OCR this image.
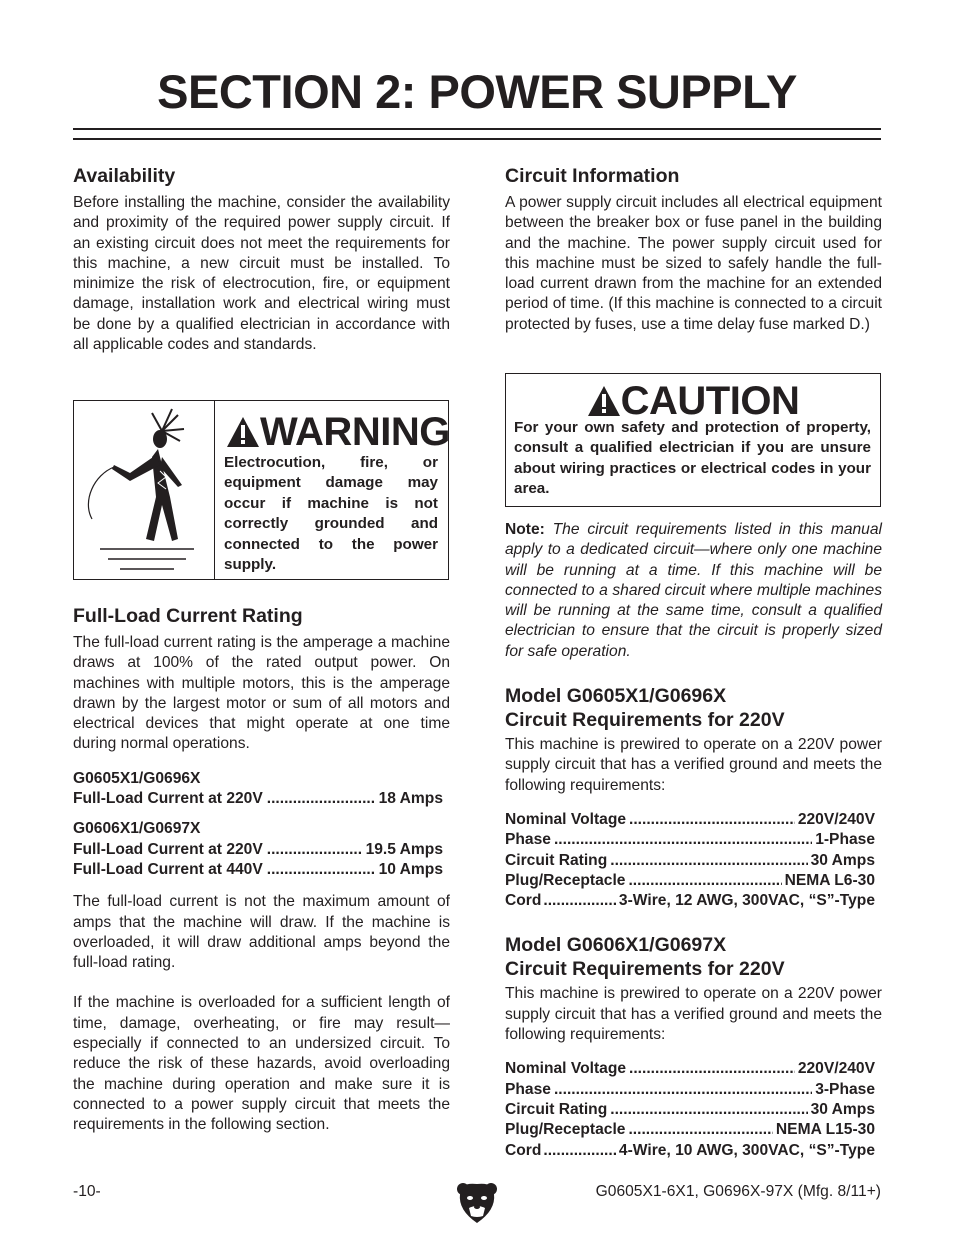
SECTION 2: POWER SUPPLY
Availability

Before installing the machine, consider the availability and proximity of the required power supply circuit. If an existing circuit does not meet the requirements for this machine, a new circuit must be installed. To minimize the risk of electrocution, fire, or equipment damage, installation work and electrical wiring must be done by a qualified electrician in accordance with all applicable codes and standards.

WARNING
Electrocution, fire, or equipment damage may occur if machine is not correctly grounded and connected to the power supply.
Full-Load Current Rating

The full-load current rating is the amperage a machine draws at 100% of the rated output power. On machines with multiple motors, this is the amperage drawn by the largest motor or sum of all motors and electrical devices that might operate at one time during normal operations.

G0605X1/G0696X
Full-Load Current at 220V .....	18 Amps
G0606X1/G0697X
Full-Load Current at 220V .....	19.5 Amps
Full-Load Current at 440V .....	10 Amps

The full-load current is not the maximum amount of amps that the machine will draw. If the machine is overloaded, it will draw additional amps beyond the full-load rating.

If the machine is overloaded for a sufficient length of time, damage, overheating, or fire may result—especially if connected to an undersized circuit. To reduce the risk of these hazards, avoid overloading the machine during operation and make sure it is connected to a power supply circuit that meets the requirements in the following section.

Circuit Information

A power supply circuit includes all electrical equipment between the breaker box or fuse panel in the building and the machine. The power supply circuit used for this machine must be sized to safely handle the full-load current drawn from the machine for an extended period of time. (If this machine is connected to a circuit protected by fuses, use a time delay fuse marked D.)

CAUTION
For your own safety and protection of property, consult a qualified electrician if you are unsure about wiring practices or electrical codes in your area.

Note: The circuit requirements listed in this manual apply to a dedicated circuit—where only one machine will be running at a time. If this machine will be connected to a shared circuit where multiple machines will be running at the same time, consult a qualified electrician to ensure that the circuit is properly sized for safe operation.

Model G0605X1/G0696X
Circuit Requirements for 220V

This machine is prewired to operate on a 220V power supply circuit that has a verified ground and meets the following requirements:

Nominal Voltage .....	220V/240V
Phase .....	1-Phase
Circuit Rating .....	30 Amps
Plug/Receptacle .....	NEMA L6-30
Cord .....	3-Wire, 12 AWG, 300VAC, “S”-Type
Model G0606X1/G0697X
Circuit Requirements for 220V

This machine is prewired to operate on a 220V power supply circuit that has a verified ground and meets the following requirements:

Nominal Voltage .....	220V/240V
Phase .....	3-Phase
Circuit Rating .....	30 Amps
Plug/Receptacle .....	NEMA L15-30
Cord .....	4-Wire, 10 AWG, 300VAC, “S”-Type
-10-	G0605X1-6X1, G0696X-97X (Mfg. 8/11+)
